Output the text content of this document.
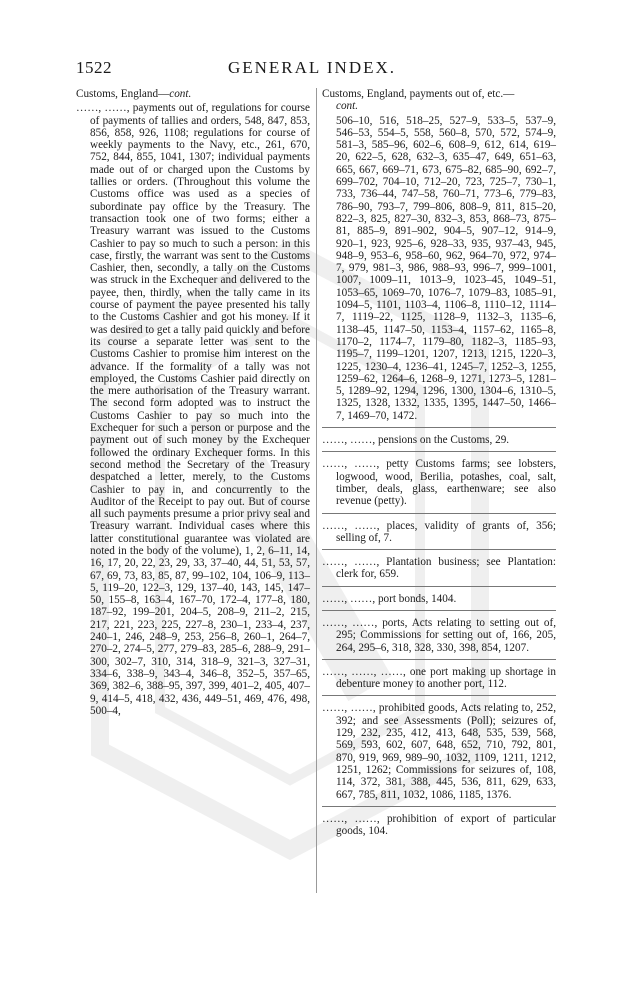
1522	GENERAL INDEX.

Customs, England—cont.

……, ……, payments out of, regulations for course of payments of tallies and orders, 548, 847, 853, 856, 858, 926, 1108; regulations for course of weekly payments to the Navy, etc., 261, 670, 752, 844, 855, 1041, 1307; individual payments made out of or charged upon the Customs by tallies or orders. (Throughout this volume the Customs office was used as a species of subordinate pay office by the Treasury. The transaction took one of two forms; either a Treasury warrant was issued to the Customs Cashier to pay so much to such a person: in this case, firstly, the warrant was sent to the Customs Cashier, then, secondly, a tally on the Customs was struck in the Exchequer and delivered to the payee, then, thirdly, when the tally came in its course of payment the payee presented his tally to the Customs Cashier and got his money. If it was desired to get a tally paid quickly and before its course a separate letter was sent to the Customs Cashier to promise him interest on the advance. If the formality of a tally was not employed, the Customs Cashier paid directly on the mere authorisation of the Treasury warrant. The second form adopted was to instruct the Customs Cashier to pay so much into the Exchequer for such a person or purpose and the payment out of such money by the Exchequer followed the ordinary Exchequer forms. In this second method the Secretary of the Treasury despatched a letter, merely, to the Customs Cashier to pay in, and concurrently to the Auditor of the Receipt to pay out. But of course all such payments presume a prior privy seal and Treasury warrant. Individual cases where this latter constitutional guarantee was violated are noted in the body of the volume), 1, 2, 6–11, 14, 16, 17, 20, 22, 23, 29, 33, 37–40, 44, 51, 53, 57, 67, 69, 73, 83, 85, 87, 99–102, 104, 106–9, 113–5, 119–20, 122–3, 129, 137–40, 143, 145, 147–50, 155–8, 163–4, 167–70, 172–4, 177–8, 180, 187–92, 199–201, 204–5, 208–9, 211–2, 215, 217, 221, 223, 225, 227–8, 230–1, 233–4, 237, 240–1, 246, 248–9, 253, 256–8, 260–1, 264–7, 270–2, 274–5, 277, 279–83, 285–6, 288–9, 291–300, 302–7, 310, 314, 318–9, 321–3, 327–31, 334–6, 338–9, 343–4, 346–8, 352–5, 357–65, 369, 382–6, 388–95, 397, 399, 401–2, 405, 407–9, 414–5, 418, 432, 436, 449–51, 469, 476, 498, 500–4,

Customs, England, payments out of, etc.—
cont.

506–10, 516, 518–25, 527–9, 533–5, 537–9, 546–53, 554–5, 558, 560–8, 570, 572, 574–9, 581–3, 585–96, 602–6, 608–9, 612, 614, 619–20, 622–5, 628, 632–3, 635–47, 649, 651–63, 665, 667, 669–71, 673, 675–82, 685–90, 692–7, 699–702, 704–10, 712–20, 723, 725–7, 730–1, 733, 736–44, 747–58, 760–71, 773–6, 779–83, 786–90, 793–7, 799–806, 808–9, 811, 815–20, 822–3, 825, 827–30, 832–3, 853, 868–73, 875–81, 885–9, 891–902, 904–5, 907–12, 914–9, 920–1, 923, 925–6, 928–33, 935, 937–43, 945, 948–9, 953–6, 958–60, 962, 964–70, 972, 974–7, 979, 981–3, 986, 988–93, 996–7, 999–1001, 1007, 1009–11, 1013–9, 1023–45, 1049–51, 1053–65, 1069–70, 1076–7, 1079–83, 1085–91, 1094–5, 1101, 1103–4, 1106–8, 1110–12, 1114–7, 1119–22, 1125, 1128–9, 1132–3, 1135–6, 1138–45, 1147–50, 1153–4, 1157–62, 1165–8, 1170–2, 1174–7, 1179–80, 1182–3, 1185–93, 1195–7, 1199–1201, 1207, 1213, 1215, 1220–3, 1225, 1230–4, 1236–41, 1245–7, 1252–3, 1255, 1259–62, 1264–6, 1268–9, 1271, 1273–5, 1281–5, 1289–92, 1294, 1296, 1300, 1304–6, 1310–5, 1325, 1328, 1332, 1335, 1395, 1447–50, 1466–7, 1469–70, 1472.

……, ……, pensions on the Customs, 29.

……, ……, petty Customs farms; see lobsters, logwood, wood, Berilia, potashes, coal, salt, timber, deals, glass, earthenware; see also revenue (petty).

……, ……, places, validity of grants of, 356; selling of, 7.

……, ……, Plantation business; see Plantation: clerk for, 659.

……, ……, port bonds, 1404.

……, ……, ports, Acts relating to setting out of, 295; Commissions for setting out of, 166, 205, 264, 295–6, 318, 328, 330, 398, 854, 1207.

……, ……, ……, one port making up shortage in debenture money to another port, 112.

……, ……, prohibited goods, Acts relating to, 252, 392; and see Assessments (Poll); seizures of, 129, 232, 235, 412, 413, 648, 535, 539, 568, 569, 593, 602, 607, 648, 652, 710, 792, 801, 870, 919, 969, 989–90, 1032, 1109, 1211, 1212, 1251, 1262; Commissions for seizures of, 108, 114, 372, 381, 388, 445, 536, 811, 629, 633, 667, 785, 811, 1032, 1086, 1185, 1376.

……, ……, prohibition of export of particular goods, 104.
